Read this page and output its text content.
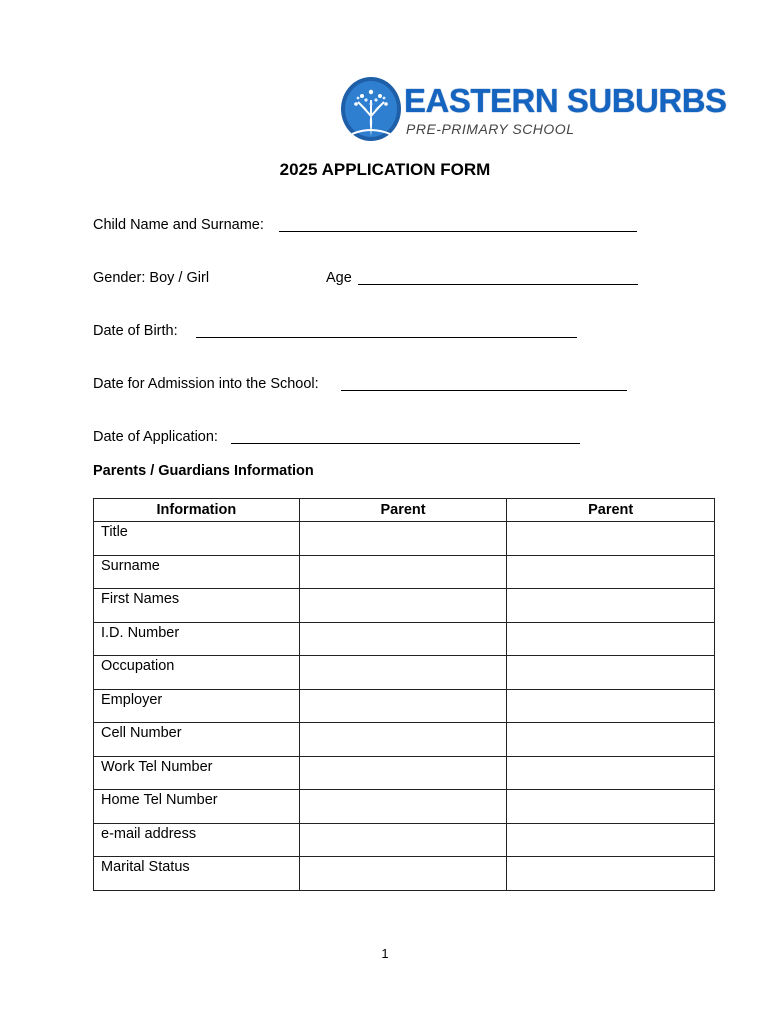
EASTERN SUBURBS
PRE-PRIMARY SCHOOL
2025 APPLICATION FORM
Child Name and Surname:
Gender: Boy / Girl	Age
Date of Birth:
Date for Admission into the School:
Date of Application:
Parents / Guardians Information
Information	Parent	Parent
Title		
Surname		
First Names		
I.D. Number		
Occupation		
Employer		
Cell Number		
Work Tel Number		
Home Tel Number		
e-mail address		
Marital Status		
1
